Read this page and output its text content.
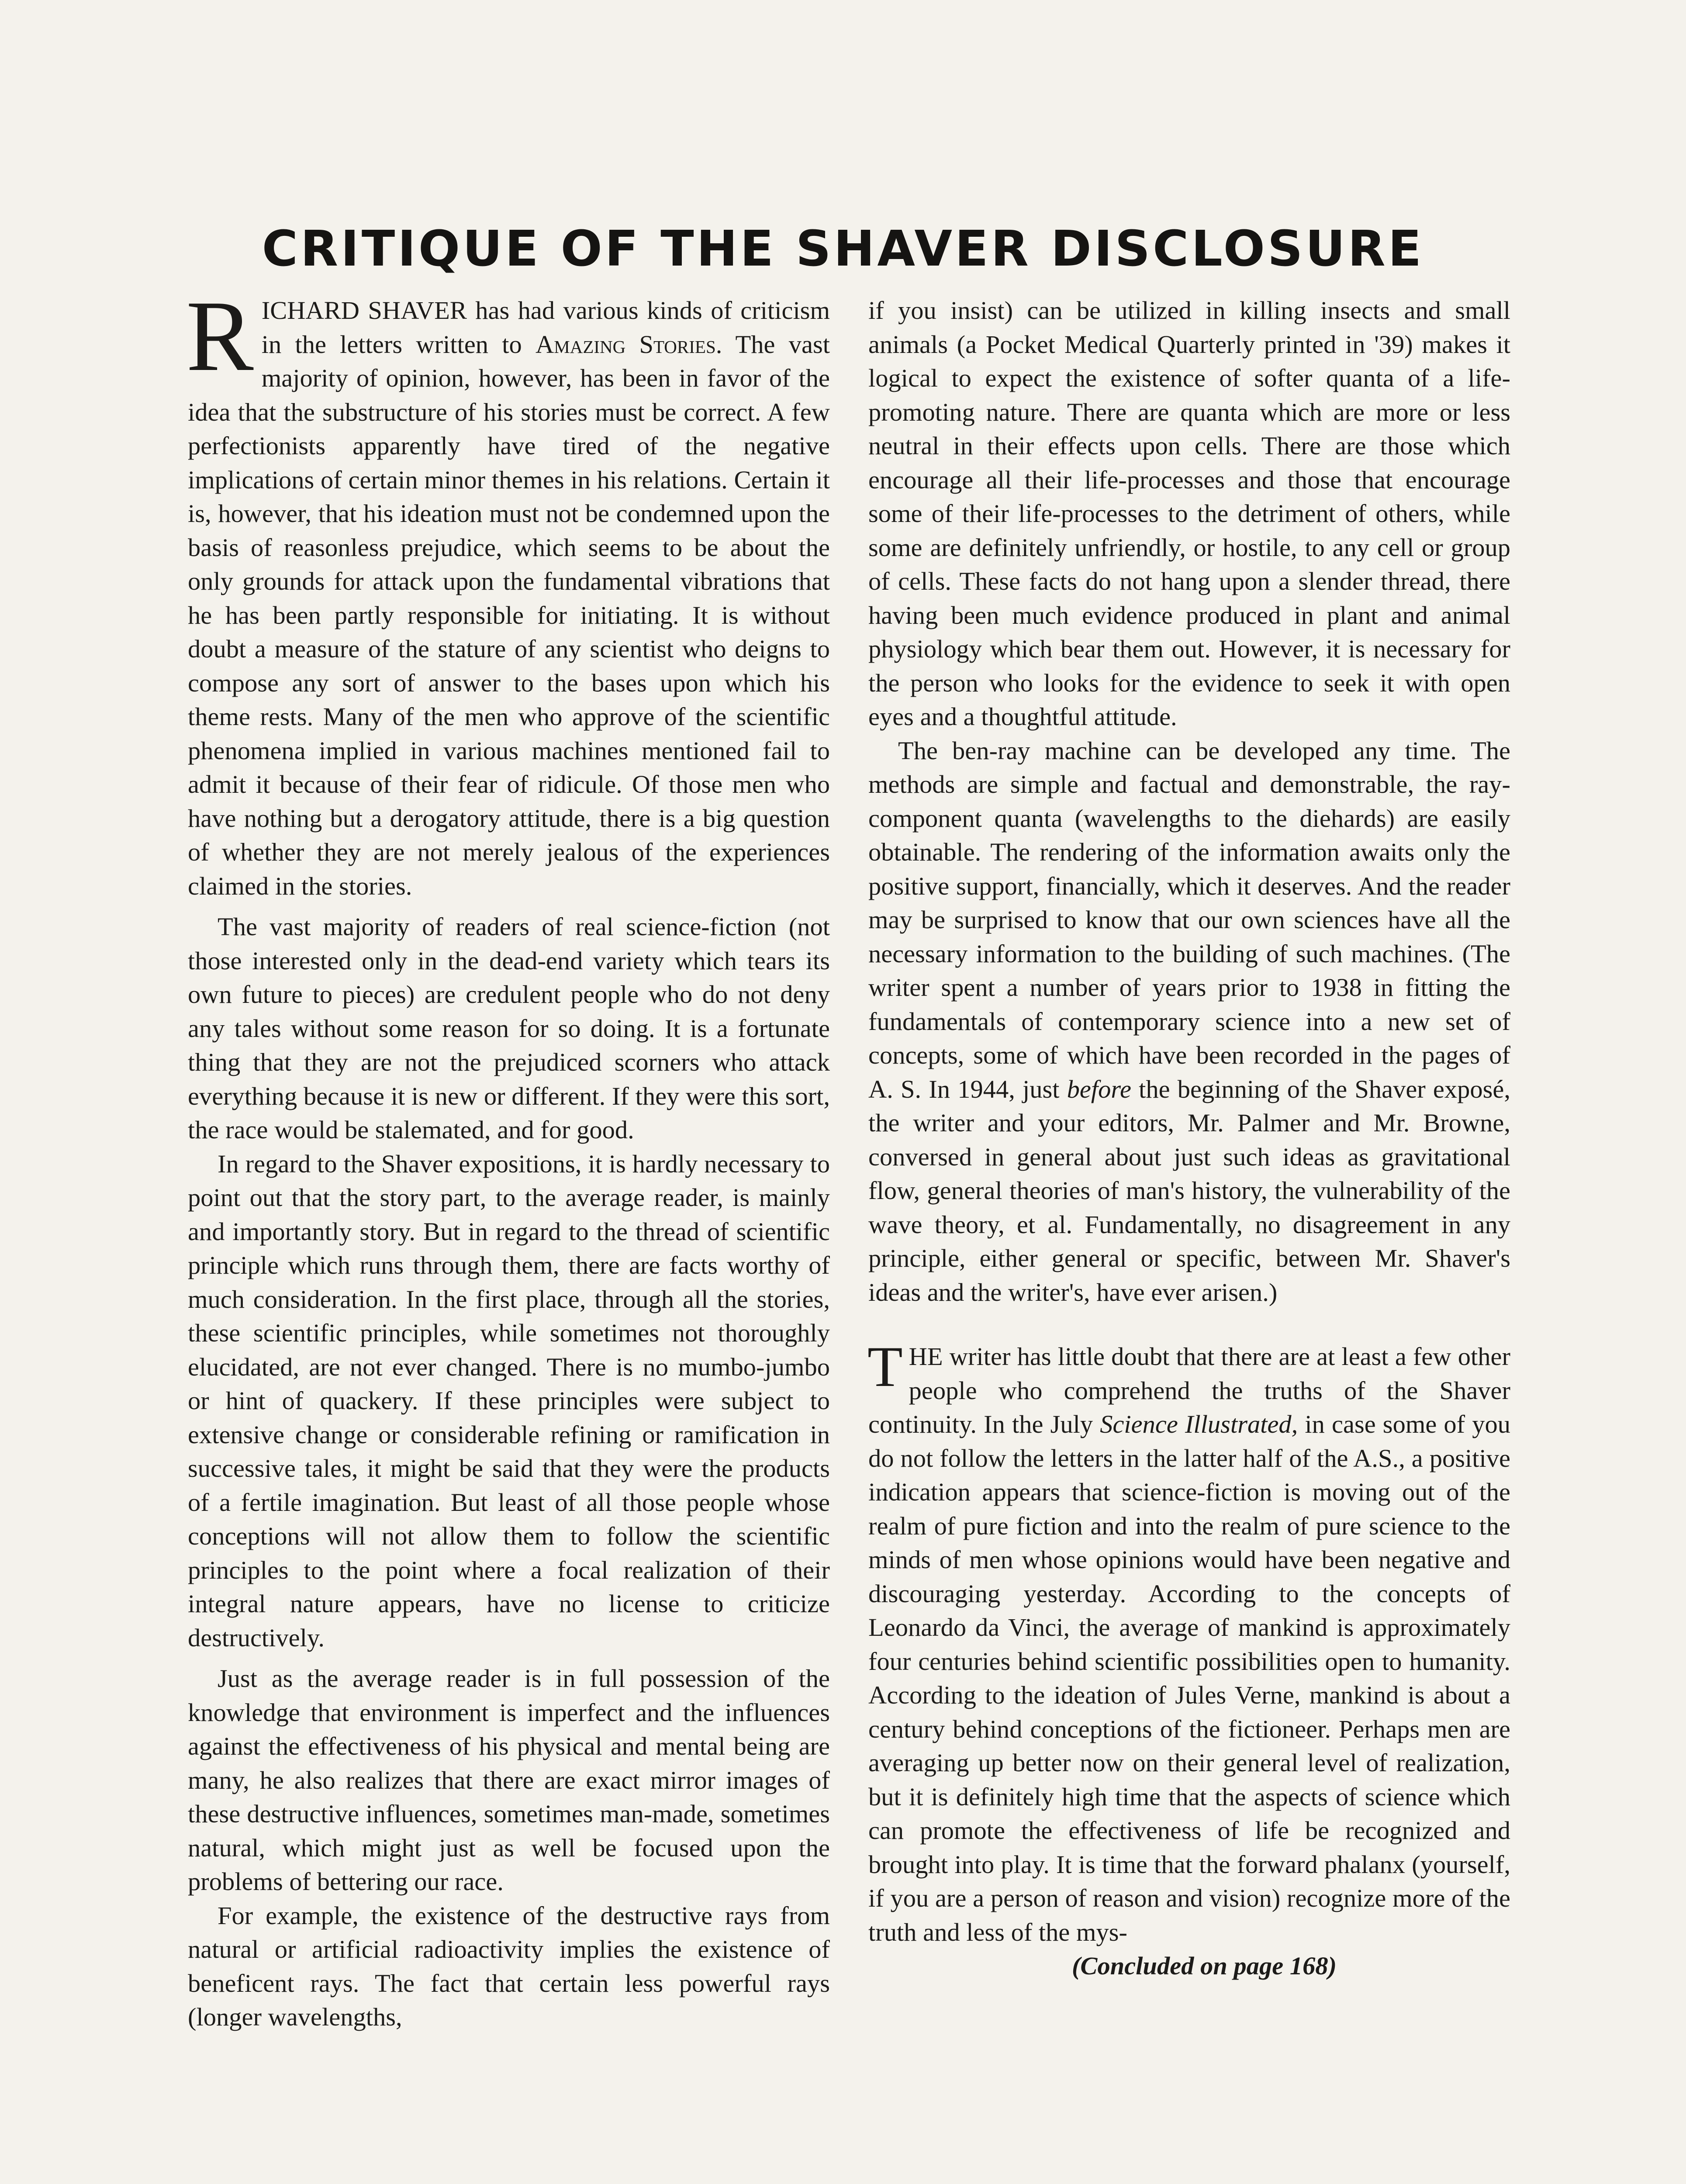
CRITIQUE OF THE SHAVER DISCLOSURE

RICHARD SHAVER has had various kinds of criticism in the letters written to Amazing Stories. The vast majority of opinion, however, has been in favor of the idea that the substructure of his stories must be correct. A few perfectionists apparently have tired of the negative implications of certain minor themes in his relations. Certain it is, however, that his ideation must not be condemned upon the basis of reasonless prejudice, which seems to be about the only grounds for attack upon the fundamental vibrations that he has been partly responsible for initiating. It is without doubt a measure of the stature of any scientist who deigns to compose any sort of answer to the bases upon which his theme rests. Many of the men who approve of the scientific phenomena implied in various machines mentioned fail to admit it because of their fear of ridicule. Of those men who have nothing but a derogatory attitude, there is a big question of whether they are not merely jealous of the experiences claimed in the stories.

The vast majority of readers of real science-fiction (not those interested only in the dead-end variety which tears its own future to pieces) are credulent people who do not deny any tales without some reason for so doing. It is a fortunate thing that they are not the prejudiced scorners who attack everything because it is new or different. If they were this sort, the race would be stalemated, and for good.

In regard to the Shaver expositions, it is hardly necessary to point out that the story part, to the average reader, is mainly and importantly story. But in regard to the thread of scientific principle which runs through them, there are facts worthy of much consideration. In the first place, through all the stories, these scientific principles, while sometimes not thoroughly elucidated, are not ever changed. There is no mumbo-jumbo or hint of quackery. If these principles were subject to extensive change or considerable refining or ramification in successive tales, it might be said that they were the products of a fertile imagination. But least of all those people whose conceptions will not allow them to follow the scientific principles to the point where a focal realization of their integral nature appears, have no license to criticize destructively.

Just as the average reader is in full possession of the knowledge that environment is imperfect and the influences against the effectiveness of his physical and mental being are many, he also realizes that there are exact mirror images of these destructive influences, sometimes man-made, sometimes natural, which might just as well be focused upon the problems of bettering our race.

For example, the existence of the destructive rays from natural or artificial radioactivity implies the existence of beneficent rays. The fact that certain less powerful rays (longer wavelengths,

if you insist) can be utilized in killing insects and small animals (a Pocket Medical Quarterly printed in '39) makes it logical to expect the existence of softer quanta of a life-promoting nature. There are quanta which are more or less neutral in their effects upon cells. There are those which encourage all their life-processes and those that encourage some of their life-processes to the detriment of others, while some are definitely unfriendly, or hostile, to any cell or group of cells. These facts do not hang upon a slender thread, there having been much evidence produced in plant and animal physiology which bear them out. However, it is necessary for the person who looks for the evidence to seek it with open eyes and a thoughtful attitude.

The ben-ray machine can be developed any time. The methods are simple and factual and demonstrable, the ray-component quanta (wavelengths to the diehards) are easily obtainable. The rendering of the information awaits only the positive support, financially, which it deserves. And the reader may be surprised to know that our own sciences have all the necessary information to the building of such machines. (The writer spent a number of years prior to 1938 in fitting the fundamentals of contemporary science into a new set of concepts, some of which have been recorded in the pages of A. S. In 1944, just before the beginning of the Shaver exposé, the writer and your editors, Mr. Palmer and Mr. Browne, conversed in general about just such ideas as gravitational flow, general theories of man's history, the vulnerability of the wave theory, et al. Fundamentally, no disagreement in any principle, either general or specific, between Mr. Shaver's ideas and the writer's, have ever arisen.)

THE writer has little doubt that there are at least a few other people who comprehend the truths of the Shaver continuity. In the July Science Illustrated, in case some of you do not follow the letters in the latter half of the A.S., a positive indication appears that science-fiction is moving out of the realm of pure fiction and into the realm of pure science to the minds of men whose opinions would have been negative and discouraging yesterday. According to the concepts of Leonardo da Vinci, the average of mankind is approximately four centuries behind scientific possibilities open to humanity. According to the ideation of Jules Verne, mankind is about a century behind conceptions of the fictioneer. Perhaps men are averaging up better now on their general level of realization, but it is definitely high time that the aspects of science which can promote the effectiveness of life be recognized and brought into play. It is time that the forward phalanx (yourself, if you are a person of reason and vision) recognize more of the truth and less of the mys-

(Concluded on page 168)
